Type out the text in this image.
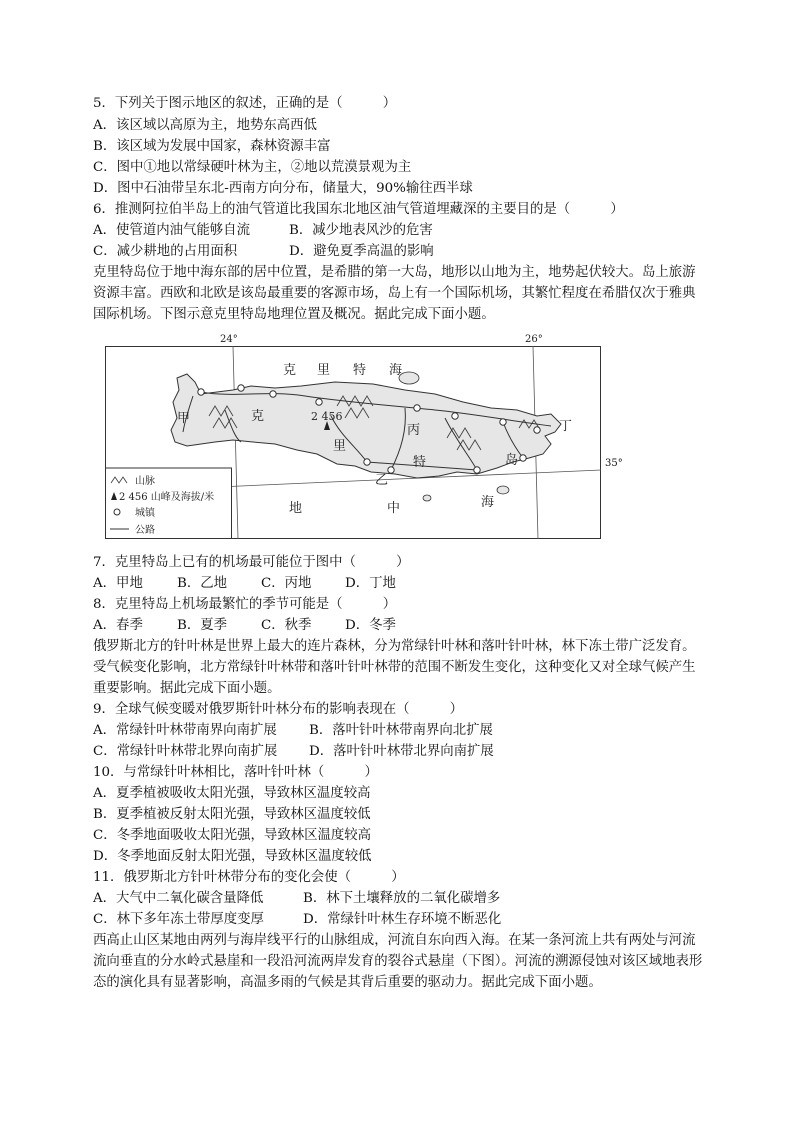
5．下列关于图示地区的叙述，正确的是（　　　）
A．该区域以高原为主，地势东高西低
B．该区域为发展中国家，森林资源丰富
C．图中①地以常绿硬叶林为主，②地以荒漠景观为主
D．图中石油带呈东北-西南方向分布，储量大，90%输往西半球
6．推测阿拉伯半岛上的油气管道比我国东北地区油气管道埋藏深的主要目的是（　　　）
A．使管道内油气能够自流	B．减少地表风沙的危害
C．减少耕地的占用面积	D．避免夏季高温的影响
克里特岛位于地中海东部的居中位置，是希腊的第一大岛，地形以山地为主，地势起伏较大。岛上旅游资源丰富。西欧和北欧是该岛最重要的客源市场，岛上有一个国际机场，其繁忙程度在希腊仅次于雅典国际机场。下图示意克里特岛地理位置及概况。据此完成下面小题。
2 456
24°	26°
克 里 特 海
地	中	海
克
里
特	岛
甲
乙
丙	丁
山脉
2 456 山峰及海拔/米
城镇
公路
35°
7．克里特岛上已有的机场最可能位于图中（　　　）
A．甲地	B．乙地	C．丙地	D．丁地
8．克里特岛上机场最繁忙的季节可能是（　　　）
A．春季	B．夏季	C．秋季	D．冬季
俄罗斯北方的针叶林是世界上最大的连片森林，分为常绿针叶林和落叶针叶林，林下冻土带广泛发育。受气候变化影响，北方常绿针叶林带和落叶针叶林带的范围不断发生变化，这种变化又对全球气候产生重要影响。据此完成下面小题。
9．全球气候变暖对俄罗斯针叶林分布的影响表现在（　　　）
A．常绿针叶林带南界向南扩展 B．落叶针叶林带南界向北扩展
C．常绿针叶林带北界向南扩展 D．落叶针叶林带北界向南扩展
10．与常绿针叶林相比，落叶针叶林（　　　）
A．夏季植被吸收太阳光强，导致林区温度较高
B．夏季植被反射太阳光强，导致林区温度较低
C．冬季地面吸收太阳光强，导致林区温度较高
D．冬季地面反射太阳光强，导致林区温度较低
11．俄罗斯北方针叶林带分布的变化会使（　　　）
A．大气中二氧化碳含量降低	B．林下土壤释放的二氧化碳增多
C．林下多年冻土带厚度变厚	D．常绿针叶林生存环境不断恶化
西高止山区某地由两列与海岸线平行的山脉组成，河流自东向西入海。在某一条河流上共有两处与河流流向垂直的分水岭式悬崖和一段沿河流两岸发育的裂谷式悬崖（下图）。河流的溯源侵蚀对该区域地表形态的演化具有显著影响，高温多雨的气候是其背后重要的驱动力。据此完成下面小题。
